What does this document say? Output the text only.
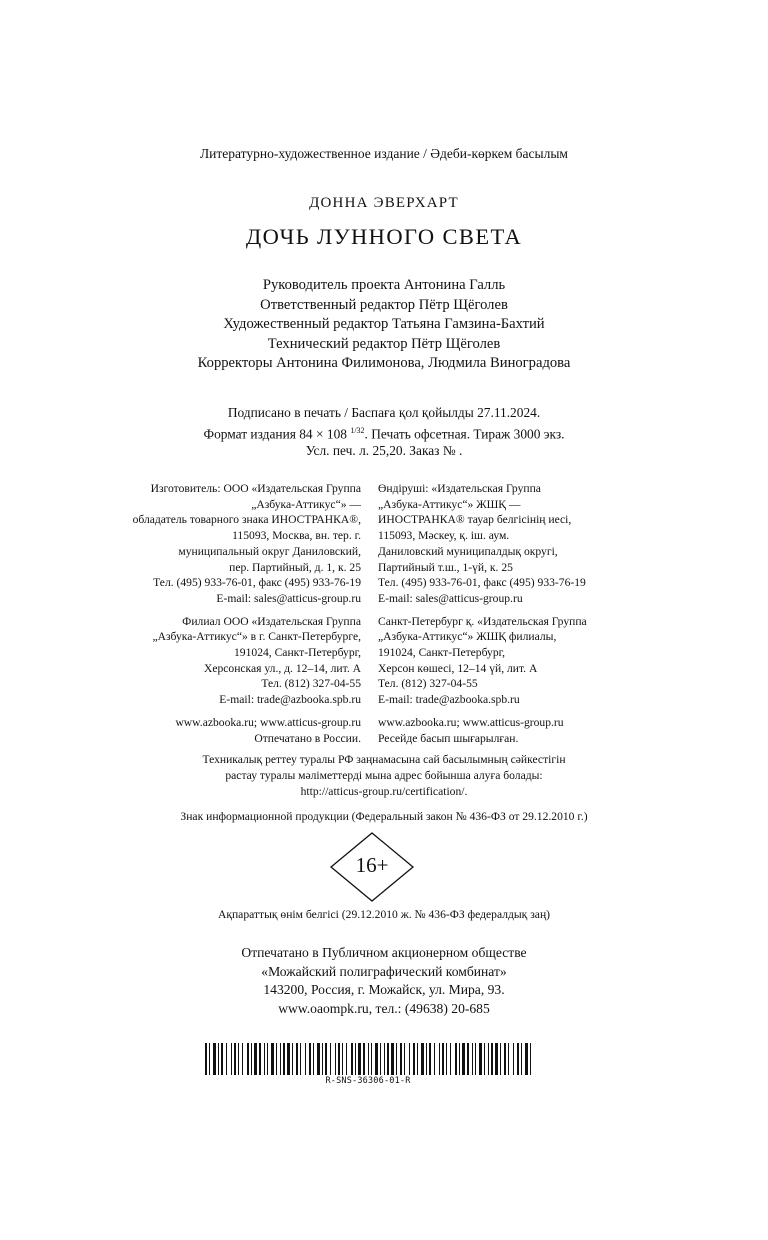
Литературно-художественное издание / Әдеби-көркем басылым
ДОННА ЭВЕРХАРТ
ДОЧЬ ЛУННОГО СВЕТА
Руководитель проекта Антонина Галль
Ответственный редактор Пётр Щёголев
Художественный редактор Татьяна Гамзина-Бахтий
Технический редактор Пётр Щёголев
Корректоры Антонина Филимонова, Людмила Виноградова
Подписано в печать / Баспаға қол қойылды 27.11.2024.
Формат издания 84 × 108 $^{1/32}$. Печать офсетная. Тираж 3000 экз.
Усл. печ. л. 25,20. Заказ № .
Изготовитель: ООО «Издательская Группа
„Азбука-Аттикус“» —
обладатель товарного знака ИНОСТРАНКА®,
115093, Москва, вн. тер. г.
муниципальный округ Даниловский,
пер. Партийный, д. 1, к. 25
Тел. (495) 933-76-01, факс (495) 933-76-19
E-mail: sales@atticus-group.ru
Филиал ООО «Издательская Группа
„Азбука-Аттикус“» в г. Санкт-Петербурге,
191024, Санкт-Петербург,
Херсонская ул., д. 12–14, лит. А
Тел. (812) 327-04-55
E-mail: trade@azbooka.spb.ru
www.azbooka.ru; www.atticus-group.ru
Отпечатано в России.
Өндіруші: «Издательская Группа
„Азбука-Аттикус“» ЖШҚ —
ИНОСТРАНКА® тауар белгісінің иесі,
115093, Мәскеу, қ. іш. аум.
Даниловский муниципалдық округі,
Партийный т.ш., 1-үй, к. 25
Тел. (495) 933-76-01, факс (495) 933-76-19
E-mail: sales@atticus-group.ru
Санкт-Петербург қ. «Издательская Группа
„Азбука-Аттикус“» ЖШҚ филиалы,
191024, Санкт-Петербург,
Херсон көшесі, 12–14 үй, лит. А
Тел. (812) 327-04-55
E-mail: trade@azbooka.spb.ru
www.azbooka.ru; www.atticus-group.ru
Ресейде басып шығарылған.
Техникалық реттеу туралы РФ заңнамасына сай басылымның сәйкестігін
растау туралы мәліметтерді мына адрес бойынша алуға болады:
http://atticus-group.ru/certification/.
Знак информационной продукции (Федеральный закон № 436-ФЗ от 29.12.2010 г.)
16+
Ақпараттық өнім белгісі (29.12.2010 ж. № 436-ФЗ федералдық заң)
Отпечатано в Публичном акционерном обществе
«Можайский полиграфический комбинат»
143200, Россия, г. Можайск, ул. Мира, 93.
www.oaompk.ru, тел.: (49638) 20-685
R-SNS-36306-01-R
